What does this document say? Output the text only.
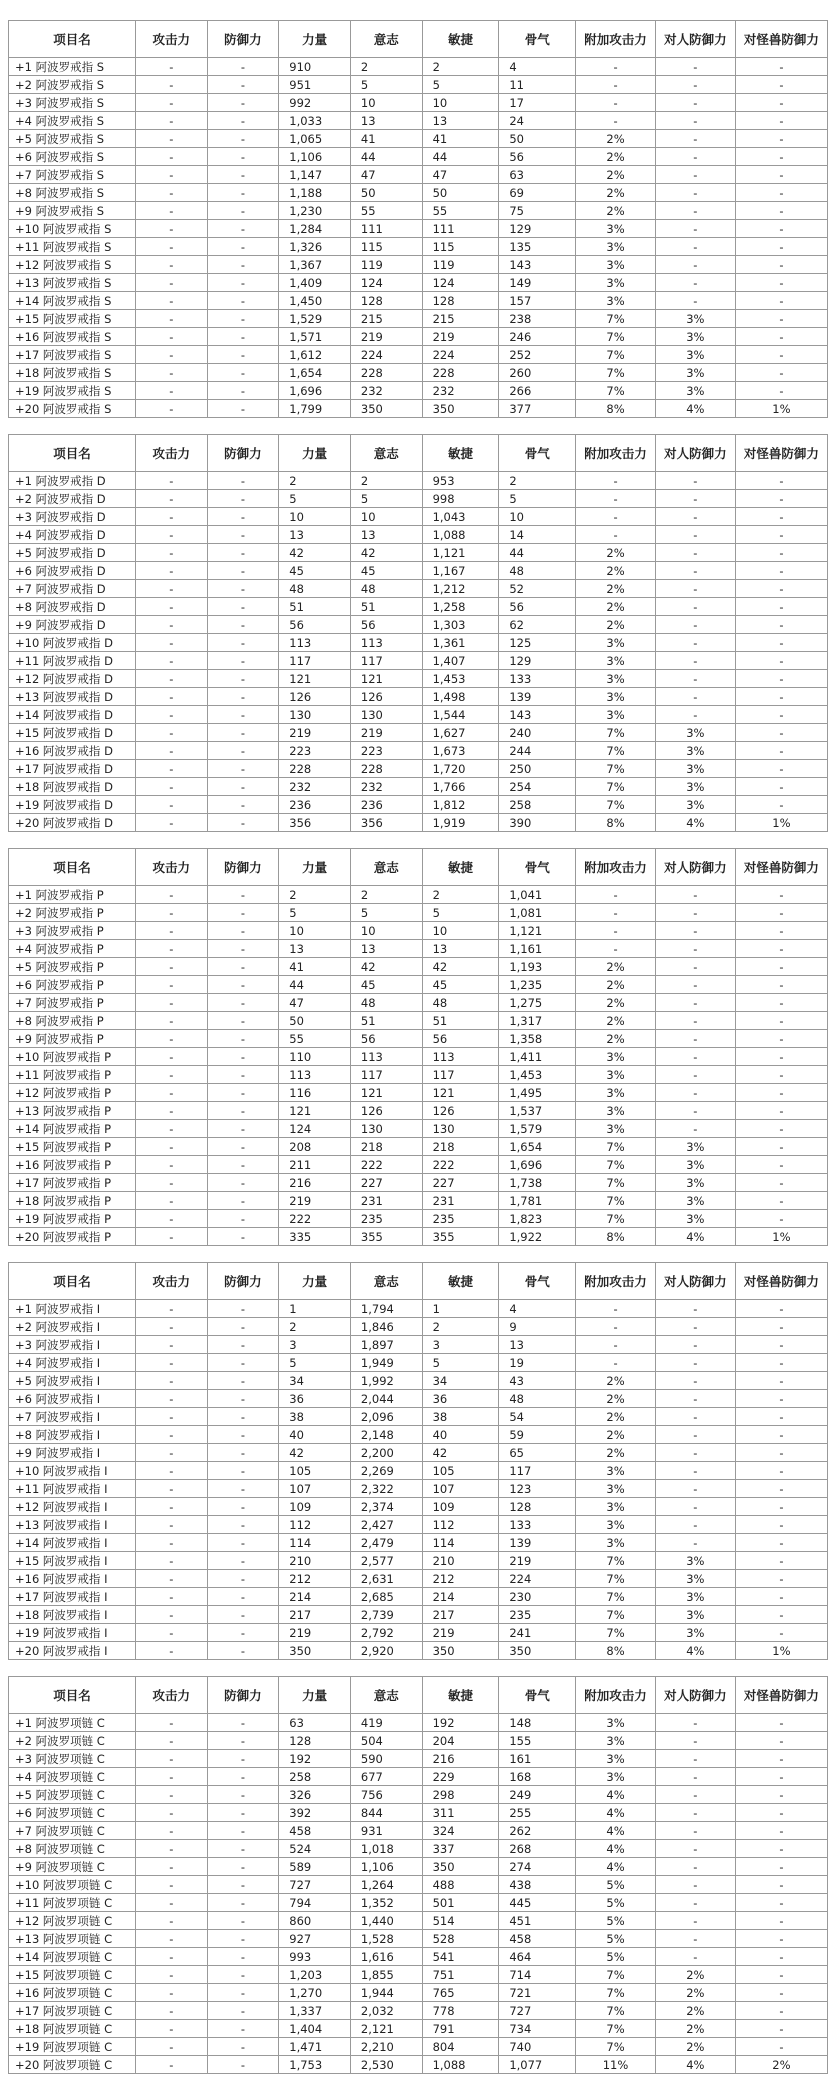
项目名	攻击力	防御力	力量	意志	敏捷	骨气	附加攻击力	对人防御力	对怪兽防御力
+1 阿波罗戒指 S	-	-	910	2	2	4	-	-	-
+2 阿波罗戒指 S	-	-	951	5	5	11	-	-	-
+3 阿波罗戒指 S	-	-	992	10	10	17	-	-	-
+4 阿波罗戒指 S	-	-	1,033	13	13	24	-	-	-
+5 阿波罗戒指 S	-	-	1,065	41	41	50	2%	-	-
+6 阿波罗戒指 S	-	-	1,106	44	44	56	2%	-	-
+7 阿波罗戒指 S	-	-	1,147	47	47	63	2%	-	-
+8 阿波罗戒指 S	-	-	1,188	50	50	69	2%	-	-
+9 阿波罗戒指 S	-	-	1,230	55	55	75	2%	-	-
+10 阿波罗戒指 S	-	-	1,284	111	111	129	3%	-	-
+11 阿波罗戒指 S	-	-	1,326	115	115	135	3%	-	-
+12 阿波罗戒指 S	-	-	1,367	119	119	143	3%	-	-
+13 阿波罗戒指 S	-	-	1,409	124	124	149	3%	-	-
+14 阿波罗戒指 S	-	-	1,450	128	128	157	3%	-	-
+15 阿波罗戒指 S	-	-	1,529	215	215	238	7%	3%	-
+16 阿波罗戒指 S	-	-	1,571	219	219	246	7%	3%	-
+17 阿波罗戒指 S	-	-	1,612	224	224	252	7%	3%	-
+18 阿波罗戒指 S	-	-	1,654	228	228	260	7%	3%	-
+19 阿波罗戒指 S	-	-	1,696	232	232	266	7%	3%	-
+20 阿波罗戒指 S	-	-	1,799	350	350	377	8%	4%	1%
项目名	攻击力	防御力	力量	意志	敏捷	骨气	附加攻击力	对人防御力	对怪兽防御力
+1 阿波罗戒指 D	-	-	2	2	953	2	-	-	-
+2 阿波罗戒指 D	-	-	5	5	998	5	-	-	-
+3 阿波罗戒指 D	-	-	10	10	1,043	10	-	-	-
+4 阿波罗戒指 D	-	-	13	13	1,088	14	-	-	-
+5 阿波罗戒指 D	-	-	42	42	1,121	44	2%	-	-
+6 阿波罗戒指 D	-	-	45	45	1,167	48	2%	-	-
+7 阿波罗戒指 D	-	-	48	48	1,212	52	2%	-	-
+8 阿波罗戒指 D	-	-	51	51	1,258	56	2%	-	-
+9 阿波罗戒指 D	-	-	56	56	1,303	62	2%	-	-
+10 阿波罗戒指 D	-	-	113	113	1,361	125	3%	-	-
+11 阿波罗戒指 D	-	-	117	117	1,407	129	3%	-	-
+12 阿波罗戒指 D	-	-	121	121	1,453	133	3%	-	-
+13 阿波罗戒指 D	-	-	126	126	1,498	139	3%	-	-
+14 阿波罗戒指 D	-	-	130	130	1,544	143	3%	-	-
+15 阿波罗戒指 D	-	-	219	219	1,627	240	7%	3%	-
+16 阿波罗戒指 D	-	-	223	223	1,673	244	7%	3%	-
+17 阿波罗戒指 D	-	-	228	228	1,720	250	7%	3%	-
+18 阿波罗戒指 D	-	-	232	232	1,766	254	7%	3%	-
+19 阿波罗戒指 D	-	-	236	236	1,812	258	7%	3%	-
+20 阿波罗戒指 D	-	-	356	356	1,919	390	8%	4%	1%
项目名	攻击力	防御力	力量	意志	敏捷	骨气	附加攻击力	对人防御力	对怪兽防御力
+1 阿波罗戒指 P	-	-	2	2	2	1,041	-	-	-
+2 阿波罗戒指 P	-	-	5	5	5	1,081	-	-	-
+3 阿波罗戒指 P	-	-	10	10	10	1,121	-	-	-
+4 阿波罗戒指 P	-	-	13	13	13	1,161	-	-	-
+5 阿波罗戒指 P	-	-	41	42	42	1,193	2%	-	-
+6 阿波罗戒指 P	-	-	44	45	45	1,235	2%	-	-
+7 阿波罗戒指 P	-	-	47	48	48	1,275	2%	-	-
+8 阿波罗戒指 P	-	-	50	51	51	1,317	2%	-	-
+9 阿波罗戒指 P	-	-	55	56	56	1,358	2%	-	-
+10 阿波罗戒指 P	-	-	110	113	113	1,411	3%	-	-
+11 阿波罗戒指 P	-	-	113	117	117	1,453	3%	-	-
+12 阿波罗戒指 P	-	-	116	121	121	1,495	3%	-	-
+13 阿波罗戒指 P	-	-	121	126	126	1,537	3%	-	-
+14 阿波罗戒指 P	-	-	124	130	130	1,579	3%	-	-
+15 阿波罗戒指 P	-	-	208	218	218	1,654	7%	3%	-
+16 阿波罗戒指 P	-	-	211	222	222	1,696	7%	3%	-
+17 阿波罗戒指 P	-	-	216	227	227	1,738	7%	3%	-
+18 阿波罗戒指 P	-	-	219	231	231	1,781	7%	3%	-
+19 阿波罗戒指 P	-	-	222	235	235	1,823	7%	3%	-
+20 阿波罗戒指 P	-	-	335	355	355	1,922	8%	4%	1%
项目名	攻击力	防御力	力量	意志	敏捷	骨气	附加攻击力	对人防御力	对怪兽防御力
+1 阿波罗戒指 I	-	-	1	1,794	1	4	-	-	-
+2 阿波罗戒指 I	-	-	2	1,846	2	9	-	-	-
+3 阿波罗戒指 I	-	-	3	1,897	3	13	-	-	-
+4 阿波罗戒指 I	-	-	5	1,949	5	19	-	-	-
+5 阿波罗戒指 I	-	-	34	1,992	34	43	2%	-	-
+6 阿波罗戒指 I	-	-	36	2,044	36	48	2%	-	-
+7 阿波罗戒指 I	-	-	38	2,096	38	54	2%	-	-
+8 阿波罗戒指 I	-	-	40	2,148	40	59	2%	-	-
+9 阿波罗戒指 I	-	-	42	2,200	42	65	2%	-	-
+10 阿波罗戒指 I	-	-	105	2,269	105	117	3%	-	-
+11 阿波罗戒指 I	-	-	107	2,322	107	123	3%	-	-
+12 阿波罗戒指 I	-	-	109	2,374	109	128	3%	-	-
+13 阿波罗戒指 I	-	-	112	2,427	112	133	3%	-	-
+14 阿波罗戒指 I	-	-	114	2,479	114	139	3%	-	-
+15 阿波罗戒指 I	-	-	210	2,577	210	219	7%	3%	-
+16 阿波罗戒指 I	-	-	212	2,631	212	224	7%	3%	-
+17 阿波罗戒指 I	-	-	214	2,685	214	230	7%	3%	-
+18 阿波罗戒指 I	-	-	217	2,739	217	235	7%	3%	-
+19 阿波罗戒指 I	-	-	219	2,792	219	241	7%	3%	-
+20 阿波罗戒指 I	-	-	350	2,920	350	350	8%	4%	1%
项目名	攻击力	防御力	力量	意志	敏捷	骨气	附加攻击力	对人防御力	对怪兽防御力
+1 阿波罗项链 C	-	-	63	419	192	148	3%	-	-
+2 阿波罗项链 C	-	-	128	504	204	155	3%	-	-
+3 阿波罗项链 C	-	-	192	590	216	161	3%	-	-
+4 阿波罗项链 C	-	-	258	677	229	168	3%	-	-
+5 阿波罗项链 C	-	-	326	756	298	249	4%	-	-
+6 阿波罗项链 C	-	-	392	844	311	255	4%	-	-
+7 阿波罗项链 C	-	-	458	931	324	262	4%	-	-
+8 阿波罗项链 C	-	-	524	1,018	337	268	4%	-	-
+9 阿波罗项链 C	-	-	589	1,106	350	274	4%	-	-
+10 阿波罗项链 C	-	-	727	1,264	488	438	5%	-	-
+11 阿波罗项链 C	-	-	794	1,352	501	445	5%	-	-
+12 阿波罗项链 C	-	-	860	1,440	514	451	5%	-	-
+13 阿波罗项链 C	-	-	927	1,528	528	458	5%	-	-
+14 阿波罗项链 C	-	-	993	1,616	541	464	5%	-	-
+15 阿波罗项链 C	-	-	1,203	1,855	751	714	7%	2%	-
+16 阿波罗项链 C	-	-	1,270	1,944	765	721	7%	2%	-
+17 阿波罗项链 C	-	-	1,337	2,032	778	727	7%	2%	-
+18 阿波罗项链 C	-	-	1,404	2,121	791	734	7%	2%	-
+19 阿波罗项链 C	-	-	1,471	2,210	804	740	7%	2%	-
+20 阿波罗项链 C	-	-	1,753	2,530	1,088	1,077	11%	4%	2%
